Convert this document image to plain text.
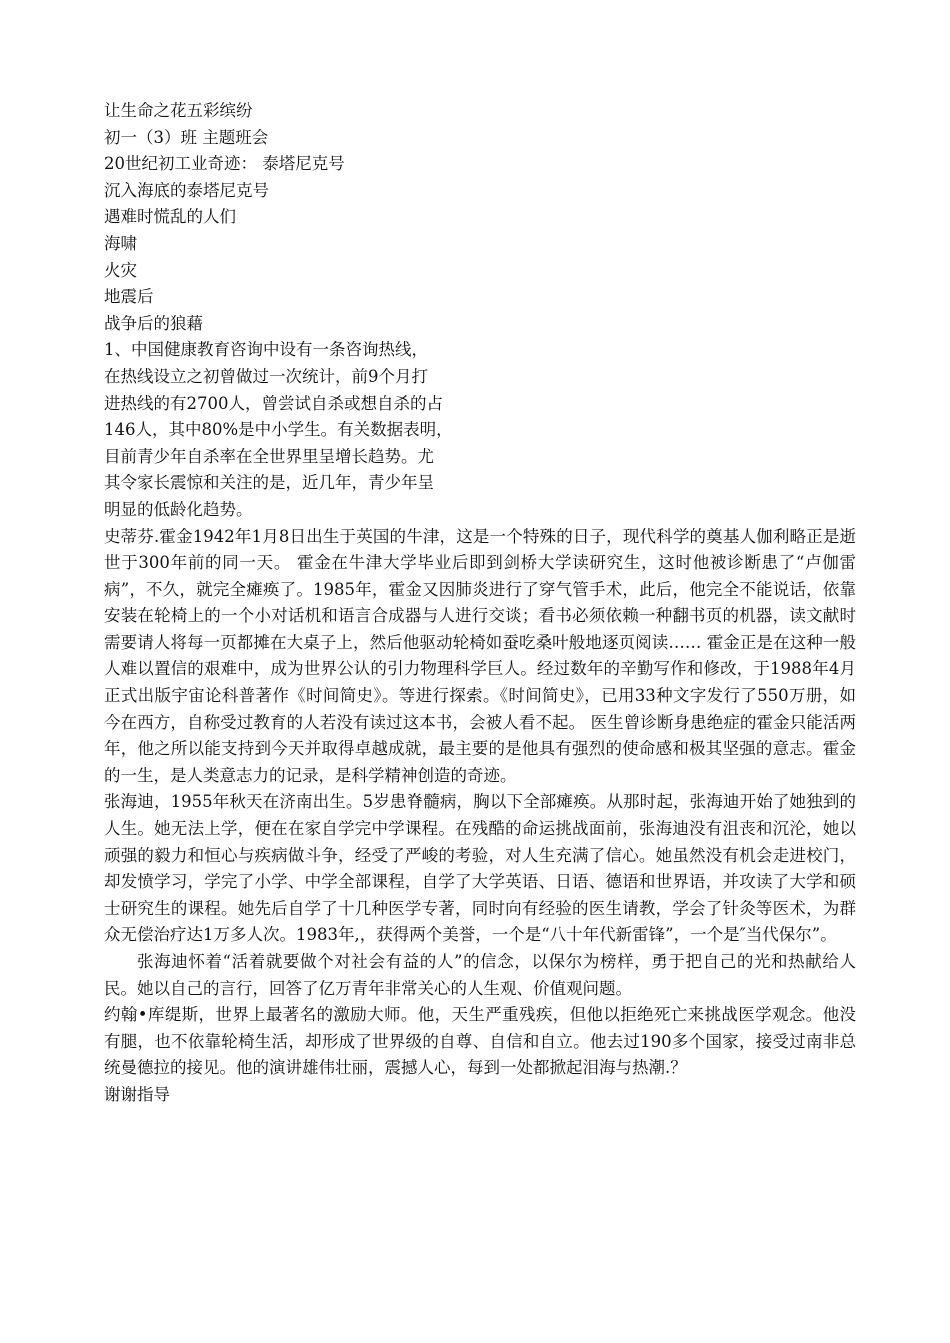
让生命之花五彩缤纷

初一（3）班 主题班会

20世纪初工业奇迹： 泰塔尼克号

沉入海底的泰塔尼克号

遇难时慌乱的人们

海啸

火灾

地震后

战争后的狼藉

1、中国健康教育咨询中设有一条咨询热线，

在热线设立之初曾做过一次统计，前9个月打

进热线的有2700人，曾尝试自杀或想自杀的占

146人，其中80%是中小学生。有关数据表明，

目前青少年自杀率在全世界里呈增长趋势。尤

其令家长震惊和关注的是，近几年，青少年呈

明显的低龄化趋势。

史蒂芬.霍金1942年1月8日出生于英国的牛津，这是一个特殊的日子，现代科学的奠基人伽利略正是逝世于300年前的同一天。 霍金在牛津大学毕业后即到剑桥大学读研究生，这时他被诊断患了“卢伽雷病”，不久，就完全瘫痪了。1985年，霍金又因肺炎进行了穿气管手术，此后，他完全不能说话，依靠安装在轮椅上的一个小对话机和语言合成器与人进行交谈；看书必须依赖一种翻书页的机器，读文献时需要请人将每一页都摊在大桌子上，然后他驱动轮椅如蚕吃桑叶般地逐页阅读…… 霍金正是在这种一般人难以置信的艰难中，成为世界公认的引力物理科学巨人。经过数年的辛勤写作和修改，于1988年4月正式出版宇宙论科普著作《时间简史》。等进行探索。《时间简史》，已用33种文字发行了550万册，如今在西方，自称受过教育的人若没有读过这本书，会被人看不起。 医生曾诊断身患绝症的霍金只能活两年，他之所以能支持到今天并取得卓越成就，最主要的是他具有强烈的使命感和极其坚强的意志。霍金的一生，是人类意志力的记录，是科学精神创造的奇迹。

张海迪，1955年秋天在济南出生。5岁患脊髓病，胸以下全部瘫痪。从那时起，张海迪开始了她独到的人生。她无法上学，便在在家自学完中学课程。在残酷的命运挑战面前，张海迪没有沮丧和沉沦，她以顽强的毅力和恒心与疾病做斗争，经受了严峻的考验，对人生充满了信心。她虽然没有机会走进校门，却发愤学习，学完了小学、中学全部课程，自学了大学英语、日语、德语和世界语，并攻读了大学和硕士研究生的课程。她先后自学了十几种医学专著，同时向有经验的医生请教，学会了针灸等医术，为群众无偿治疗达1万多人次。1983年,，获得两个美誉，一个是“八十年代新雷锋”，一个是″当代保尔”。

张海迪怀着“活着就要做个对社会有益的人”的信念，以保尔为榜样，勇于把自己的光和热献给人民。她以自己的言行，回答了亿万青年非常关心的人生观、价值观问题。

约翰•库缇斯，世界上最著名的激励大师。他，天生严重残疾，但他以拒绝死亡来挑战医学观念。他没有腿，也不依靠轮椅生活，却形成了世界级的自尊、自信和自立。他去过190多个国家，接受过南非总统曼德拉的接见。他的演讲雄伟壮丽，震撼人心，每到一处都掀起泪海与热潮.？

谢谢指导
